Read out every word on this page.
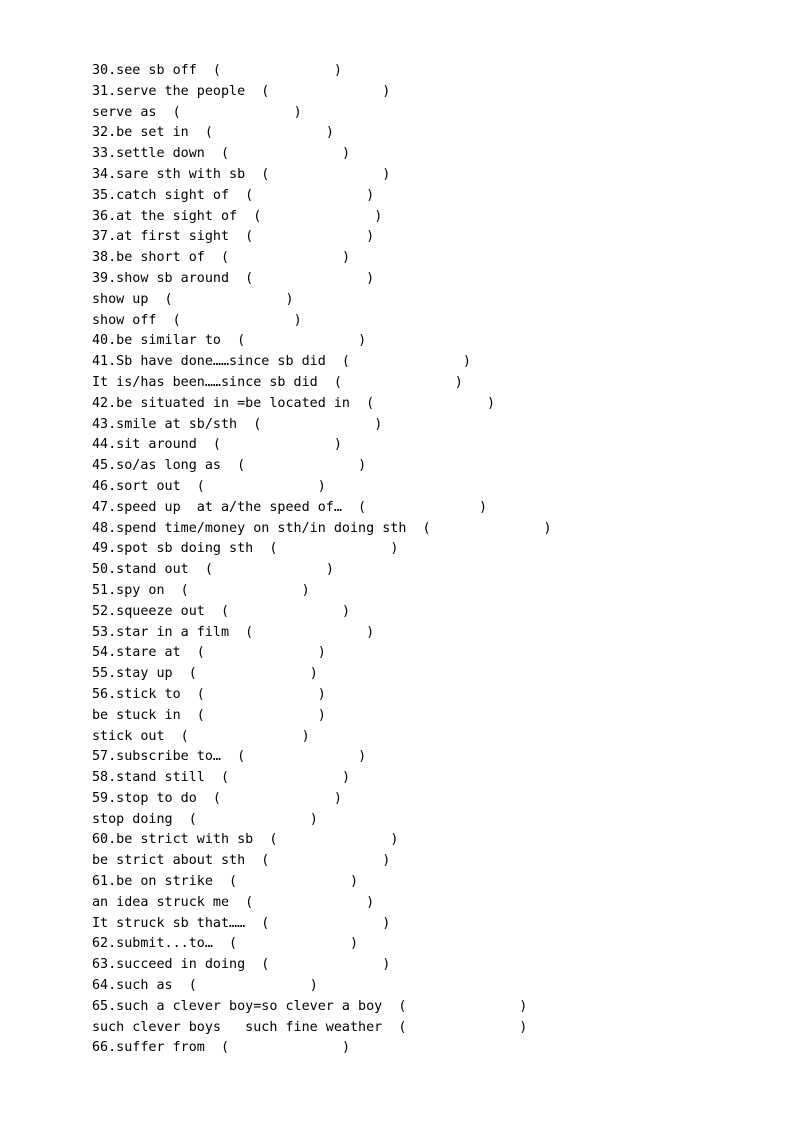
30.see sb off  (	)
31.serve the people  (	)
serve as  (	)
32.be set in  (	)
33.settle down  (	)
34.sare sth with sb  (	)
35.catch sight of  (	)
36.at the sight of  (	)
37.at first sight  (	)
38.be short of  (	)
39.show sb around  (	)
show up  (	)
show off  (	)
40.be similar to  (	)
41.Sb have done……since sb did  (	)
It is/has been……since sb did  (	)
42.be situated in =be located in  (	)
43.smile at sb/sth  (	)
44.sit around  (	)
45.so/as long as  (	)
46.sort out  (	)
47.speed up  at a/the speed of…  (	)
48.spend time/money on sth/in doing sth  (	)
49.spot sb doing sth  (	)
50.stand out  (	)
51.spy on  (	)
52.squeeze out  (	)
53.star in a film  (	)
54.stare at  (	)
55.stay up  (	)
56.stick to  (	)
be stuck in  (	)
stick out  (	)
57.subscribe to…  (	)
58.stand still  (	)
59.stop to do  (	)
stop doing  (	)
60.be strict with sb  (	)
be strict about sth  (	)
61.be on strike  (	)
an idea struck me  (	)
It struck sb that……  (	)
62.submit...to…  (	)
63.succeed in doing  (	)
64.such as  (	)
65.such a clever boy=so clever a boy  (	)
such clever boys   such fine weather  (	)
66.suffer from  (	)
